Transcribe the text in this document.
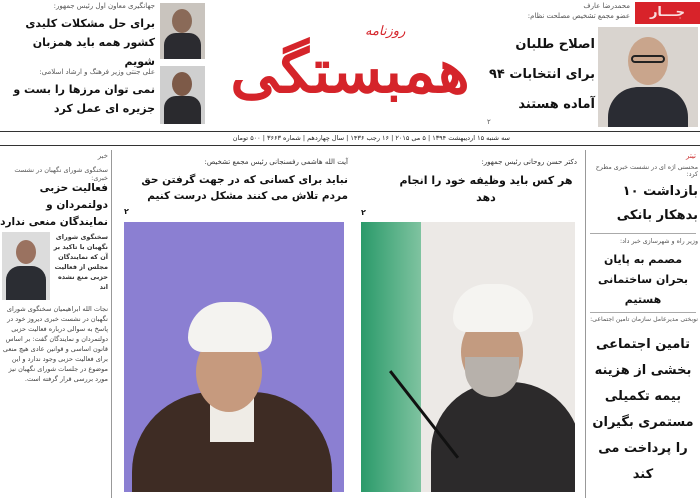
جهانگیری معاون اول رئیس جمهور:
برای حل مشکلات کلیدی کشور همه باید همزبان شویم
علی جنتی وزیر فرهنگ و ارشاد اسلامی:
نمی توان مرزها را بست و جزیره ای عمل کرد
روزنامه
همبستگی
جـــار
محمدرضا عارف
عضو مجمع تشخیص مصلحت نظام:
اصلاح طلبان برای انتخابات ۹۴ آماده هستند
۲
سه شنبه ۱۵ اردیبهشت ۱۳۹۴ | ۵ می ۲۰۱۵ | ۱۶ رجب ۱۴۳۶ | سال چهاردهم | شماره ۳۶۶۳ | ۵۰۰ تومان
خبر
سخنگوی شورای نگهبان در نشست خبری:
فعالیت حزبی دولتمردان و نمایندگان منعی ندارد
سخنگوی شورای نگهبان با تاکید بر آن که نمایندگان مجلس از فعالیت حزبی منع نشده اند
نجات الله ابراهیمیان سخنگوی شورای نگهبان در نشست خبری دیروز خود در پاسخ به سوالی درباره فعالیت حزبی دولتمردان و نمایندگان گفت: بر اساس قانون اساسی و قوانین عادی هیچ منعی برای فعالیت حزبی وجود ندارد و این موضوع در جلسات شورای نگهبان نیز مورد بررسی قرار گرفته است.
آیت الله هاشمی رفسنجانی رئیس مجمع تشخیص:
نباید برای کسانی که در جهت گرفتن حق مردم تلاش می کنند مشکل درست کنیم
۲
دکتر حسن روحانی رئیس جمهور:
هر کس باید وظیفه خود را انجام دهد
۲
تیتر
محسنی اژه ای در نشست خبری مطرح کرد:
بازداشت ۱۰ بدهکار بانکی
وزیر راه و شهرسازی خبر داد:
مصمم به پایان بحران ساختمانی هستیم
نوبختی مدیرعامل سازمان تامین اجتماعی:
تامین اجتماعی بخشی از هزینه بیمه تکمیلی مستمری بگیران را پرداخت می کند
